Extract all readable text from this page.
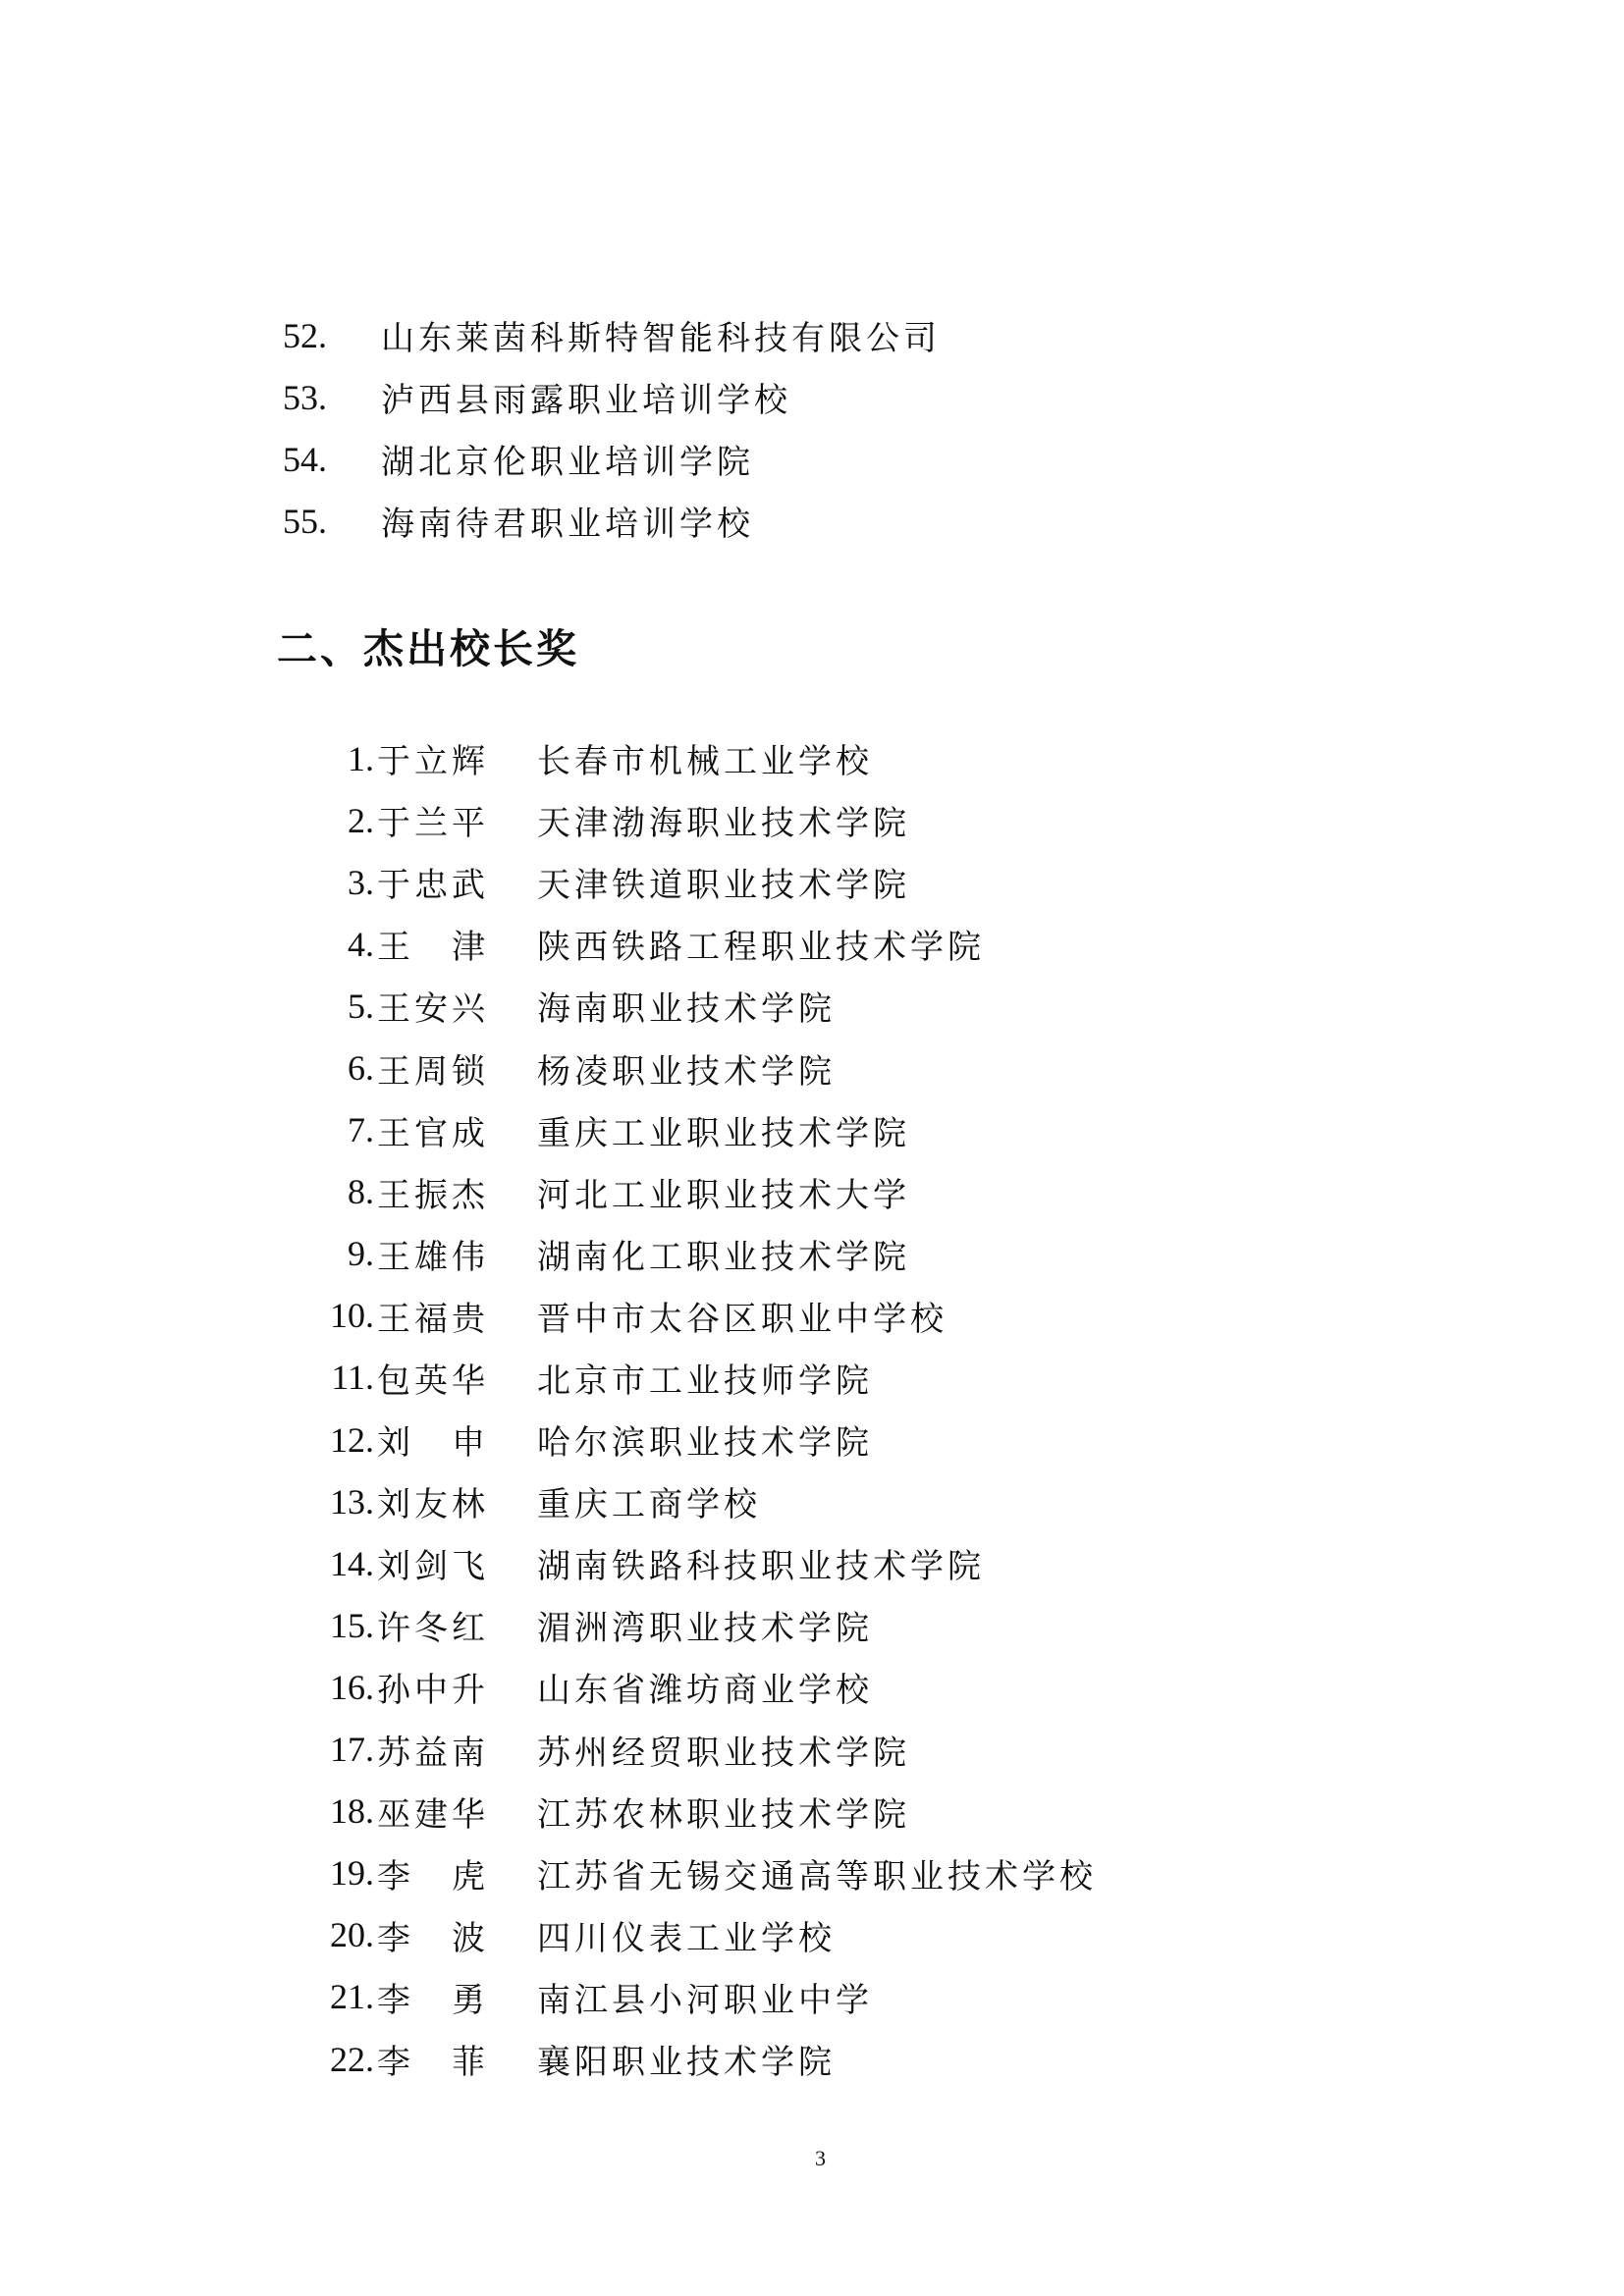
52.	山东莱茵科斯特智能科技有限公司
53.	泸西县雨露职业培训学校
54.	湖北京伦职业培训学院
55.	海南待君职业培训学校
二、杰出校长奖
1. 于立辉	长春市机械工业学校
2. 于兰平	天津渤海职业技术学院
3. 于忠武	天津铁道职业技术学院
4. 王　津	陕西铁路工程职业技术学院
5. 王安兴	海南职业技术学院
6. 王周锁	杨凌职业技术学院
7. 王官成	重庆工业职业技术学院
8. 王振杰	河北工业职业技术大学
9. 王雄伟	湖南化工职业技术学院
10. 王福贵	晋中市太谷区职业中学校
11. 包英华	北京市工业技师学院
12. 刘　申	哈尔滨职业技术学院
13. 刘友林	重庆工商学校
14. 刘剑飞	湖南铁路科技职业技术学院
15. 许冬红	湄洲湾职业技术学院
16. 孙中升	山东省潍坊商业学校
17. 苏益南	苏州经贸职业技术学院
18. 巫建华	江苏农林职业技术学院
19. 李　虎	江苏省无锡交通高等职业技术学校
20. 李　波	四川仪表工业学校
21. 李　勇	南江县小河职业中学
22. 李　菲	襄阳职业技术学院
3
